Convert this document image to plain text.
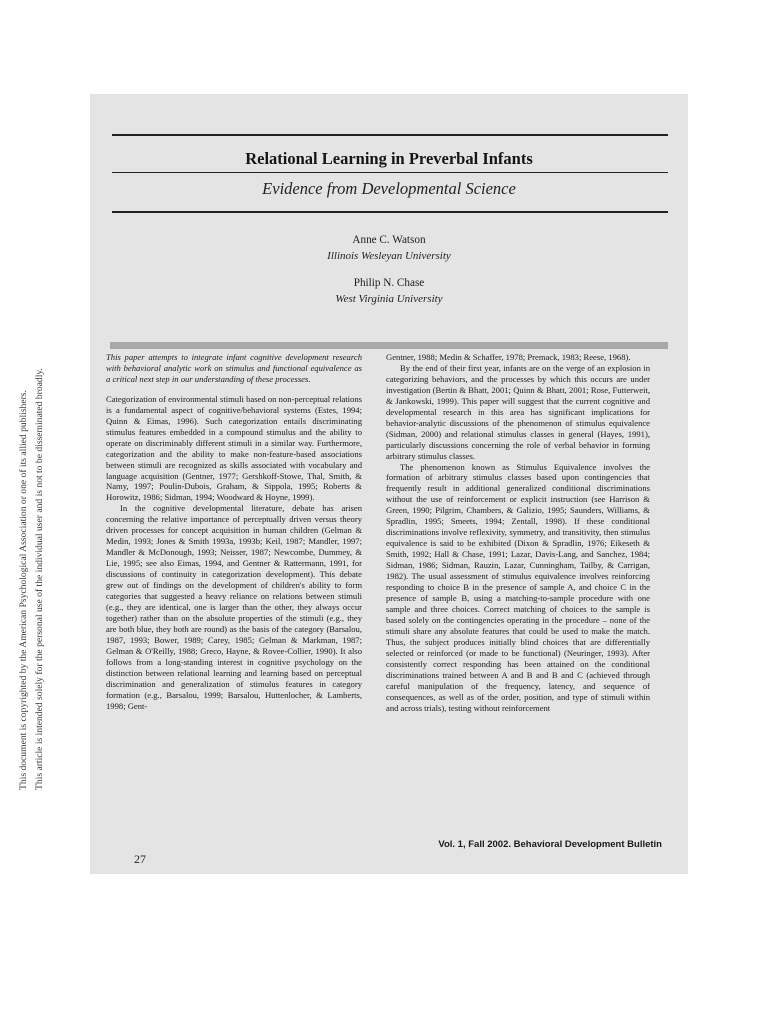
This document is copyrighted by the American Psychological Association or one of its allied publishers. This article is intended solely for the personal use of the individual user and is not to be disseminated broadly.
Relational Learning in Preverbal Infants
Evidence from Developmental Science
Anne C. Watson
Illinois Wesleyan University
Philip N. Chase
West Virginia University

This paper attempts to integrate infant cognitive development research with behavioral analytic work on stimulus and functional equivalence as a critical next step in our understanding of these processes.

Categorization of environmental stimuli based on non-perceptual relations is a fundamental aspect of cognitive/behavioral systems (Estes, 1994; Quinn & Eimas, 1996). Such categorization entails discriminating stimulus features embedded in a compound stimulus and the ability to operate on discriminably different stimuli in a similar way. Furthermore, categorization and the ability to make non-feature-based associations between stimuli are recognized as skills associated with vocabulary and language acquisition (Gentner, 1977; Gershkoff-Stowe, Thal, Smith, & Namy, 1997; Poulin-Dubois, Graham, & Sippola, 1995; Roberts & Horowitz, 1986; Sidman, 1994; Woodward & Hoyne, 1999).

In the cognitive developmental literature, debate has arisen concerning the relative importance of perceptually driven versus theory driven processes for concept acquisition in human children (Gelman & Medin, 1993; Jones & Smith 1993a, 1993b; Keil, 1987; Mandler, 1997; Mandler & McDonough, 1993; Neisser, 1987; Newcombe, Dummey, & Lie, 1995; see also Eimas, 1994, and Gentner & Rattermann, 1991, for discussions of continuity in categorization development). This debate grew out of findings on the development of children's ability to form categories that suggested a heavy reliance on relations between stimuli (e.g., they are identical, one is larger than the other, they always occur together) rather than on the absolute properties of the stimuli (e.g., they are both blue, they both are round) as the basis of the category (Barsalou, 1987, 1993; Bower, 1989; Carey, 1985; Gelman & Markman, 1987; Gelman & O'Reilly, 1988; Greco, Hayne, & Rovee-Collier, 1990). It also follows from a long-standing interest in cognitive psychology on the distinction between relational learning and learning based on perceptual discrimination and generalization of stimulus features in category formation (e.g., Barsalou, 1999; Barsalou, Huttenlocher, & Lamberts, 1998; Gent-

Gentner, 1988; Medin & Schaffer, 1978; Premack, 1983; Reese, 1968).

By the end of their first year, infants are on the verge of an explosion in categorizing behaviors, and the processes by which this occurs are under investigation (Bertin & Bhatt, 2001; Quinn & Bhatt, 2001; Rose, Futterweit, & Jankowski, 1999). This paper will suggest that the current cognitive and developmental research in this area has significant implications for behavior-analytic discussions of the phenomenon of stimulus equivalence (Sidman, 2000) and relational stimulus classes in general (Hayes, 1991), particularly discussions concerning the role of verbal behavior in forming arbitrary stimulus classes.

The phenomenon known as Stimulus Equivalence involves the formation of arbitrary stimulus classes based upon contingencies that frequently result in additional generalized conditional discriminations without the use of reinforcement or explicit instruction (see Harrison & Green, 1990; Pilgrim, Chambers, & Galizio, 1995; Saunders, Williams, & Spradlin, 1995; Smeets, 1994; Zentall, 1998). If these conditional discriminations involve reflexivity, symmetry, and transitivity, then stimulus equivalence is said to be exhibited (Dixon & Spradlin, 1976; Eikeseth & Smith, 1992; Hall & Chase, 1991; Lazar, Davis-Lang, and Sanchez, 1984; Sidman, 1986; Sidman, Rauzin, Lazar, Cunningham, Tailby, & Carrigan, 1982). The usual assessment of stimulus equivalence involves reinforcing responding to choice B in the presence of sample A, and choice C in the presence of sample B, using a matching-to-sample procedure with one sample and three choices. Correct matching of choices to the sample is based solely on the contingencies operating in the procedure – none of the stimuli share any absolute features that could be used to make the match. Thus, the subject produces initially blind choices that are differentially selected or reinforced (or made to be functional) (Neuringer, 1993). After consistently correct responding has been attained on the conditional discriminations trained between A and B and B and C (achieved through careful manipulation of the frequency, latency, and sequence of consequences, as well as of the order, position, and type of stimuli within and across trials), testing without reinforcement

Vol. 1, Fall 2002. Behavioral Development Bulletin
27
